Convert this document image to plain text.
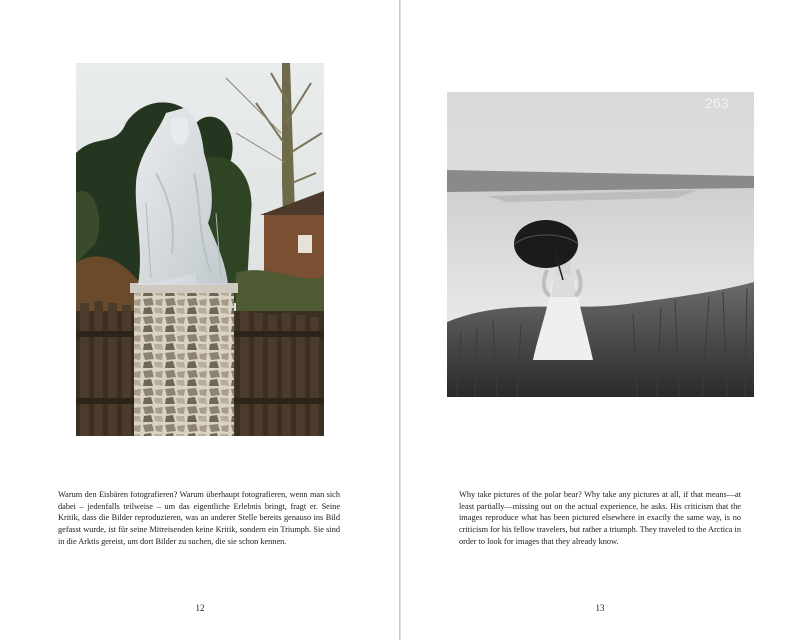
Warum den Eisbären fotografieren? Warum überhaupt fotografieren, wenn man sich dabei – jedenfalls teilweise – um das eigentliche Erlebnis bringt, fragt er. Seine Kritik, dass die Bilder reproduzieren, was an anderer Stelle bereits genauso ins Bild gefasst wurde, ist für seine Mitreisenden keine Kritik, sondern ein Triumph. Sie sind in die Arktis gereist, um dort Bilder zu suchen, die sie schon kennen.
12
263
Why take pictures of the polar bear? Why take any pictures at all, if that means—at least partially—missing out on the actual experience, he asks. His criticism that the images reproduce what has been pictured elsewhere in exactly the same way, is no criticism for his fellow travelers, but rather a triumph. They traveled to the Arctica in order to look for images that they already know.
13
